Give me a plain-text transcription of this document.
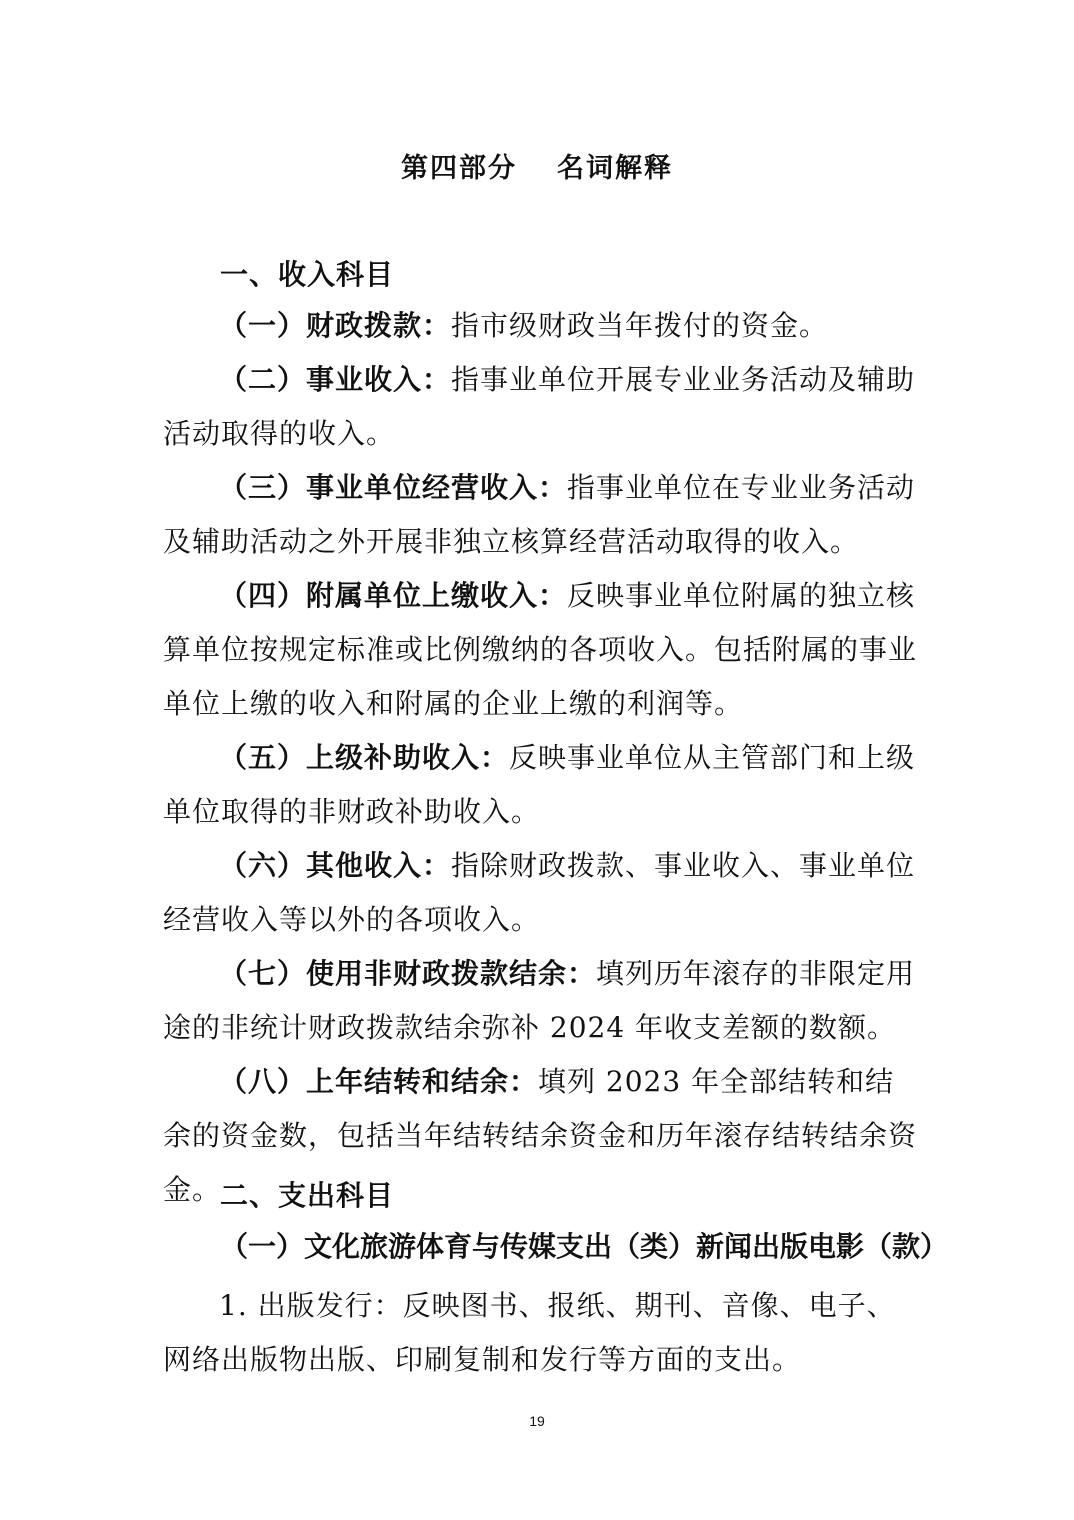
第四部分 名词解释
一、收入科目
（一）财政拨款：指市级财政当年拨付的资金。
（二）事业收入：指事业单位开展专业业务活动及辅助活动取得的收入。
（三）事业单位经营收入：指事业单位在专业业务活动及辅助活动之外开展非独立核算经营活动取得的收入。
（四）附属单位上缴收入：反映事业单位附属的独立核算单位按规定标准或比例缴纳的各项收入。包括附属的事业单位上缴的收入和附属的企业上缴的利润等。
（五）上级补助收入：反映事业单位从主管部门和上级单位取得的非财政补助收入。
（六）其他收入：指除财政拨款、事业收入、事业单位经营收入等以外的各项收入。
（七）使用非财政拨款结余：填列历年滚存的非限定用途的非统计财政拨款结余弥补 2024 年收支差额的数额。
（八）上年结转和结余：填列 2023 年全部结转和结余的资金数，包括当年结转结余资金和历年滚存结转结余资金。
二、支出科目
（一）文化旅游体育与传媒支出（类）新闻出版电影（款）
1. 出版发行：反映图书、报纸、期刊、音像、电子、网络出版物出版、印刷复制和发行等方面的支出。
19
